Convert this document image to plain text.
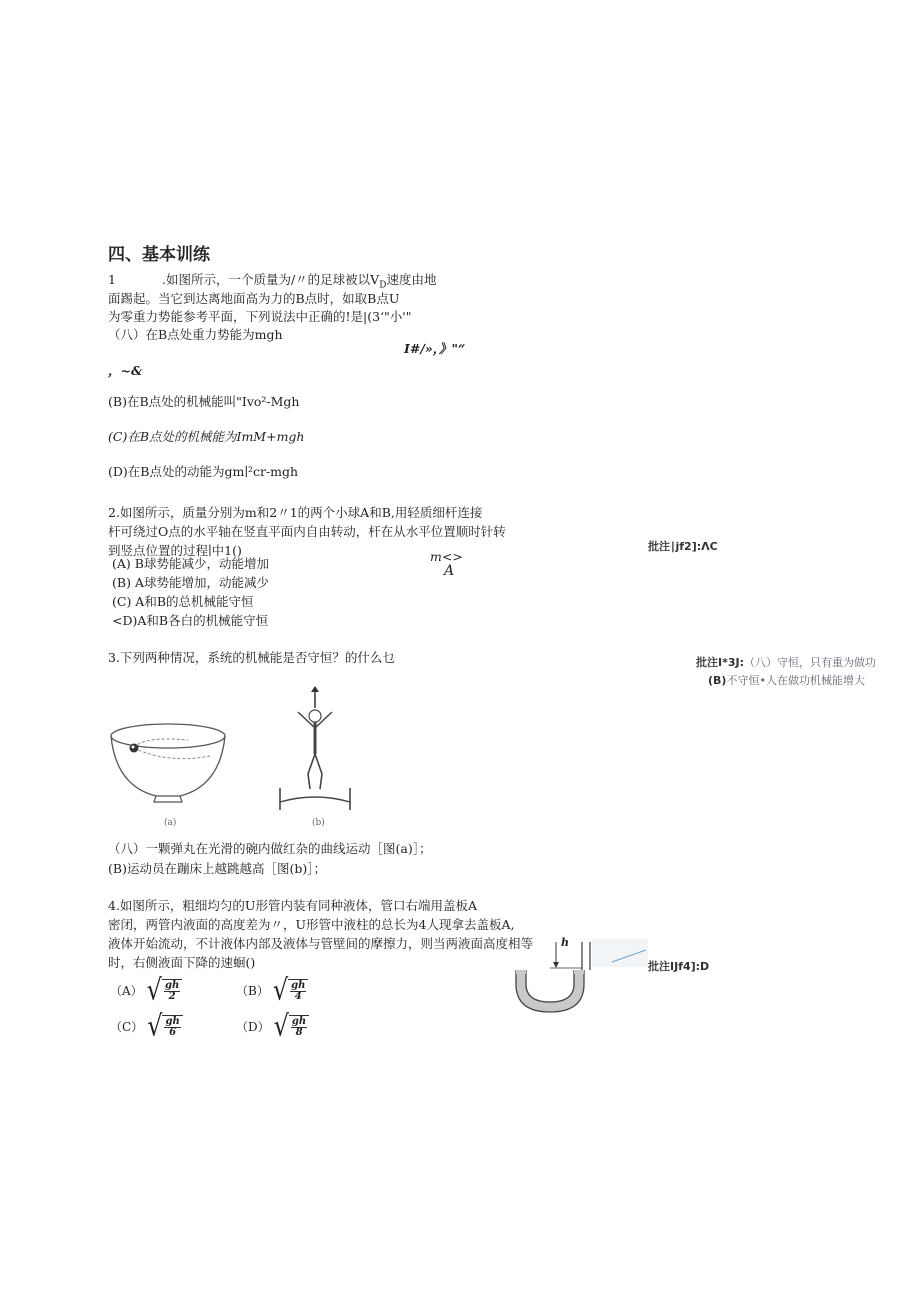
四、基本训练
1	.如图所示，一个质量为/〃的足球被以$V_D$速度由地
面踢起。当它到达离地面高为力的B点时，如取B点U
为零重力势能参考平面，下列说法中正确的!是|(3‘"小'"
（八）在B点处重力势能为mgh
I#∕»，》"“
，~&
(B)在B点处的机械能叫"Ivo²-Mgh
(C)在B点处的机械能为ImM+mgh
(D)在B点处的动能为gm∣²cr-mgh
2.如图所示，质量分别为m和2〃1的两个小球A和B,用轻质细杆连接
杆可绕过O点的水平轴在竖直平面内自由转动，杆在从水平位置顺时针转
到竖点位置的过程∣中1()	m<>
A
批注∣jf2]:ΛC
(A) B球势能减少，动能增加
(B) A球势能增加，动能减少
(C) A和B的总机械能守恒
<D)A和B各白的机械能守恒
3.下列两种情况，系统的机械能是否守恒？的什么乜	批注I*3J:（八）守恒，只有重为做功
(B)不守恒•人在做功机械能增大
(a)	(b)
（八）一颗弹丸在光滑的碗内做红杂的曲线运动［图(a)］；
(B)运动员在蹦床上越跳越高［图(b)］；
4.如图所示，粗细均匀的U形管内装有同种液体，管口右端用盖板A
密闭，两管内液面的高度差为〃，U形管中液柱的总长为4人现拿去盖板A,
液体开始流动，不计液体内部及液体与管壁间的摩擦力，则当两液面高度相等
时，右侧液面下降的速蛔()
h
批注IJf4]:D
（A） √ $\frac{gh}{2}$	（B） √ $\frac{gh}{4}$
（C） √ $\frac{gh}{6}$	（D） √ $\frac{gh}{8}$
